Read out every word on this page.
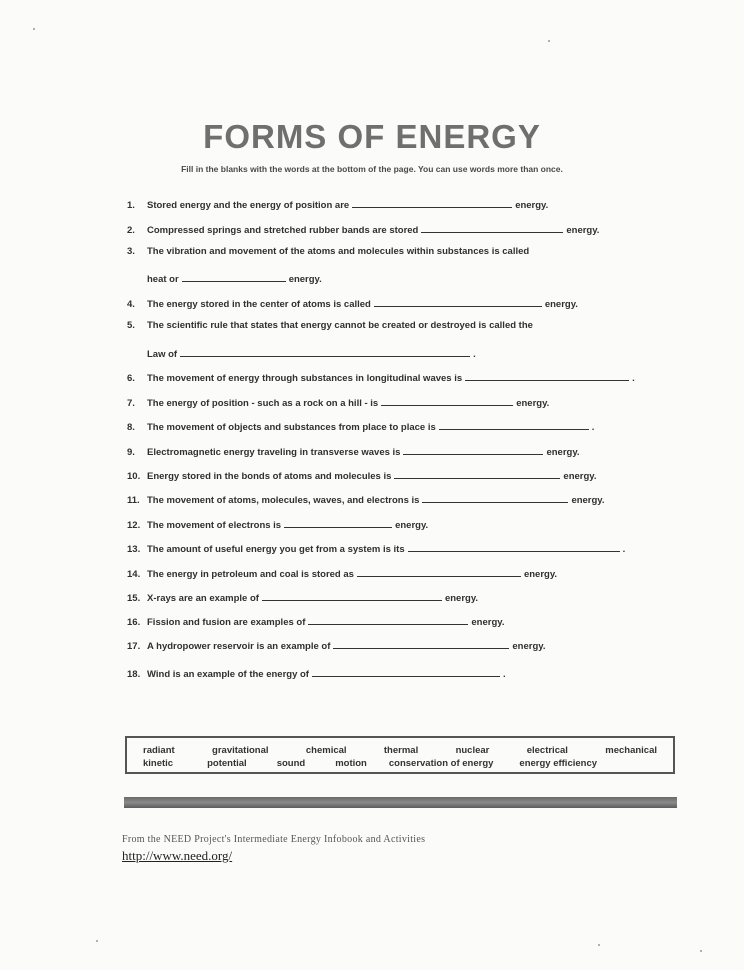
FORMS OF ENERGY
Fill in the blanks with the words at the bottom of the page. You can use words more than once.
1. Stored energy and the energy of position are	energy.
2. Compressed springs and stretched rubber bands are stored	energy.
3. The vibration and movement of the atoms and molecules within substances is called
heat or	energy.
4. The energy stored in the center of atoms is called	energy.
5. The scientific rule that states that energy cannot be created or destroyed is called the
Law of	.
6. The movement of energy through substances in longitudinal waves is	.
7. The energy of position - such as a rock on a hill - is	energy.
8. The movement of objects and substances from place to place is	.
9. Electromagnetic energy traveling in transverse waves is	energy.
10. Energy stored in the bonds of atoms and molecules is	energy.
11. The movement of atoms, molecules, waves, and electrons is	energy.
12. The movement of electrons is	energy.
13. The amount of useful energy you get from a system is its	.
14. The energy in petroleum and coal is stored as	energy.
15. X-rays are an example of	energy.
16. Fission and fusion are examples of	energy.
17. A hydropower reservoir is an example of	energy.
18. Wind is an example of the energy of	.
radiant	gravitational	chemical	thermal	nuclear	electrical	mechanical
kinetic	potential	sound	motion conservation of energy	energy efficiency
From the NEED Project's Intermediate Energy Infobook and Activities
http://www.need.org/
